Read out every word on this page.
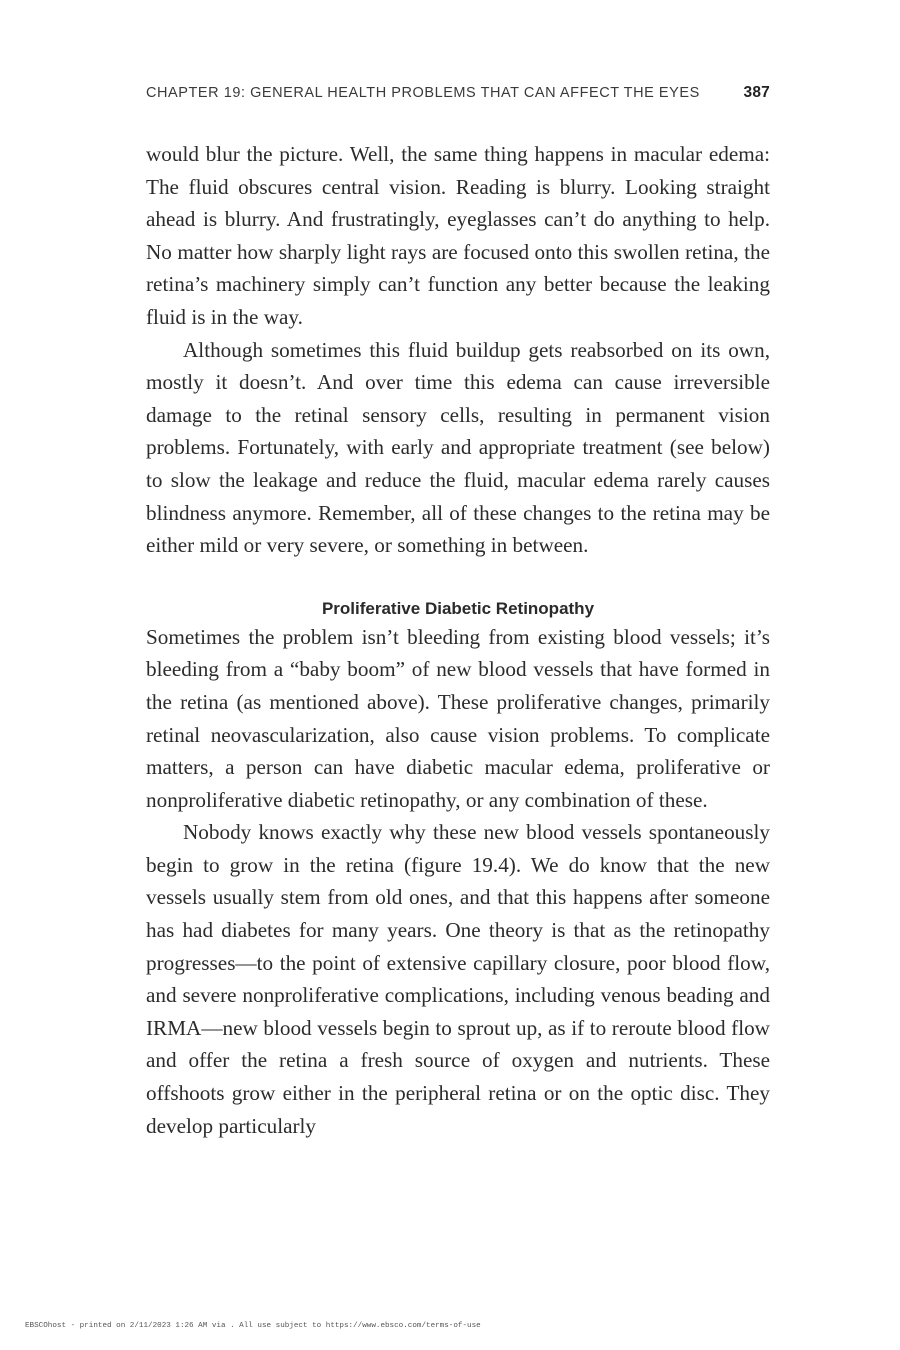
CHAPTER 19: GENERAL HEALTH PROBLEMS THAT CAN AFFECT THE EYES	387

would blur the picture. Well, the same thing happens in macular edema: The fluid obscures central vision. Reading is blurry. Looking straight ahead is blurry. And frustratingly, eyeglasses can’t do anything to help. No matter how sharply light rays are focused onto this swollen retina, the retina’s machinery simply can’t function any better because the leaking fluid is in the way.

Although sometimes this fluid buildup gets reabsorbed on its own, mostly it doesn’t. And over time this edema can cause irreversible damage to the retinal sensory cells, resulting in permanent vision problems. Fortunately, with early and appropriate treatment (see below) to slow the leakage and reduce the fluid, macular edema rarely causes blindness anymore. Remember, all of these changes to the retina may be either mild or very severe, or something in between.

Proliferative Diabetic Retinopathy

Sometimes the problem isn’t bleeding from existing blood vessels; it’s bleeding from a “baby boom” of new blood vessels that have formed in the retina (as mentioned above). These proliferative changes, primarily retinal neovascularization, also cause vision problems. To complicate matters, a person can have diabetic macular edema, proliferative or nonproliferative diabetic retinopathy, or any combination of these.

Nobody knows exactly why these new blood vessels spontaneously begin to grow in the retina (figure 19.4). We do know that the new vessels usually stem from old ones, and that this happens after someone has had diabetes for many years. One theory is that as the retinopathy progresses—to the point of extensive capillary closure, poor blood flow, and severe nonproliferative complications, including venous beading and IRMA—new blood vessels begin to sprout up, as if to reroute blood flow and offer the retina a fresh source of oxygen and nutrients. These offshoots grow either in the peripheral retina or on the optic disc. They develop particularly

EBSCOhost - printed on 2/11/2023 1:26 AM via . All use subject to https://www.ebsco.com/terms-of-use
